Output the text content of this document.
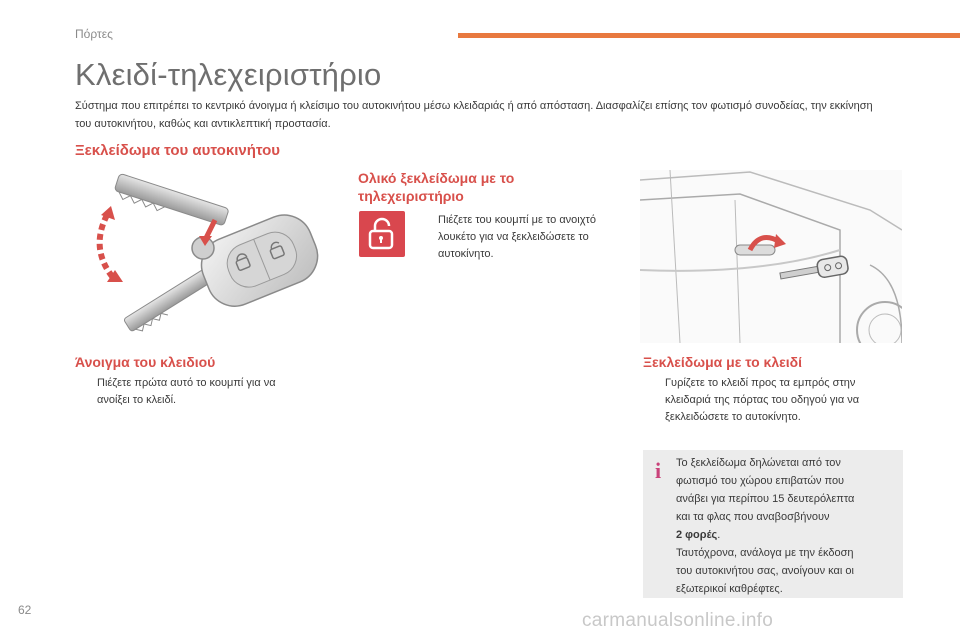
Πόρτες
Κλειδί-τηλεχειριστήριο
Σύστημα που επιτρέπει το κεντρικό άνοιγμα ή κλείσιμο του αυτοκινήτου μέσω κλειδαριάς ή από απόσταση. Διασφαλίζει επίσης τον φωτισμό συνοδείας, την εκκίνηση του αυτοκινήτου, καθώς και αντικλεπτική προστασία.
Ξεκλείδωμα του αυτοκινήτου
Ολικό ξεκλείδωμα με το
τηλεχειριστήριο
Πιέζετε του κουμπί με το ανοιχτό
λουκέτο για να ξεκλειδώσετε το
αυτοκίνητο.
Άνοιγμα του κλειδιού
Πιέζετε πρώτα αυτό το κουμπί για να
ανοίξει το κλειδί.
Ξεκλείδωμα με το κλειδί
Γυρίζετε το κλειδί προς τα εμπρός στην
κλειδαριά της πόρτας του οδηγού για να
ξεκλειδώσετε το αυτοκίνητο.
i	Το ξεκλείδωμα δηλώνεται από τον

φωτισμό του χώρου επιβατών που

ανάβει για περίπου 15 δευτερόλεπτα

και τα φλας που αναβοσβήνουν

2 φορές.

Ταυτόχρονα, ανάλογα με την έκδοση

του αυτοκινήτου σας, ανοίγουν και οι

εξωτερικοί καθρέφτες.

62	carmanualsonline.info
